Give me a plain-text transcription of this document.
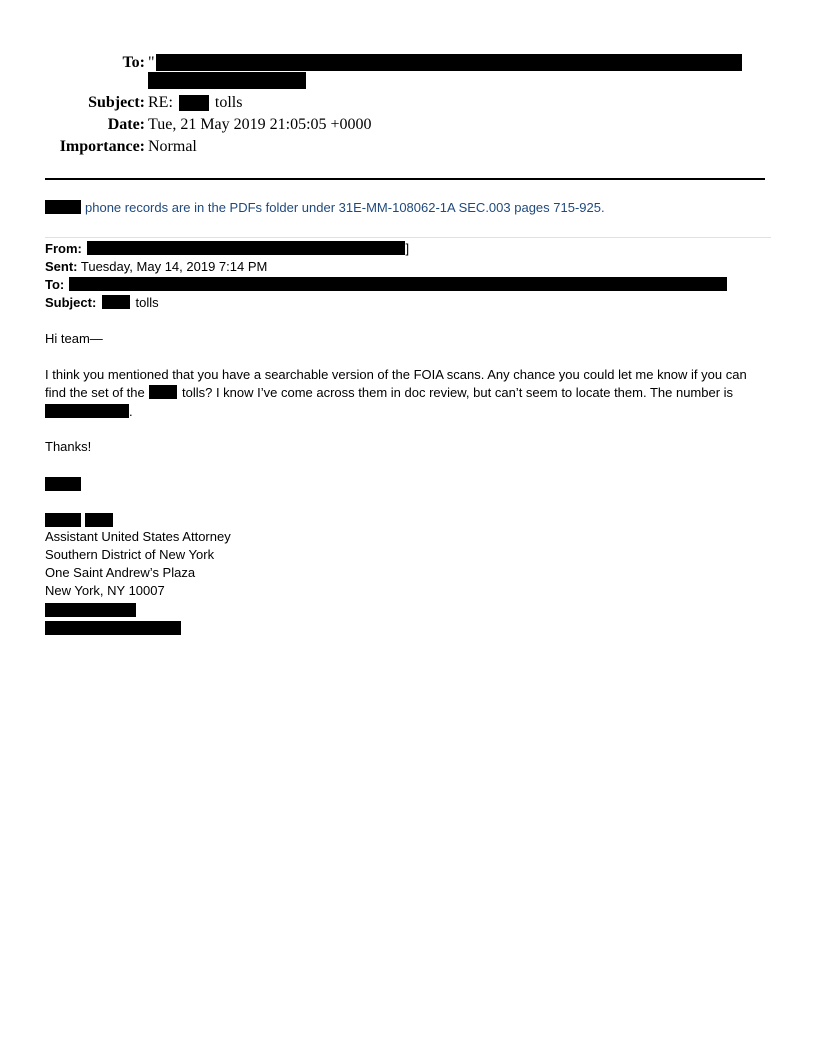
To: "
Subject: RE:	tolls
Date: Tue, 21 May 2019 21:05:05 +0000
Importance: Normal
phone records are in the PDFs folder under 31E-MM-108062-1A SEC.003 pages 715-925.
From:	]
Sent: Tuesday, May 14, 2019 7:14 PM
To:
Subject:	tolls
Hi team—
I think you mentioned that you have a searchable version of the FOIA scans. Any chance you could let me know if you can
find the set of the	tolls? I know I’ve come across them in doc review, but can’t seem to locate them. The number is
.
Thanks!
Assistant United States Attorney
Southern District of New York
One Saint Andrew’s Plaza
New York, NY 10007
